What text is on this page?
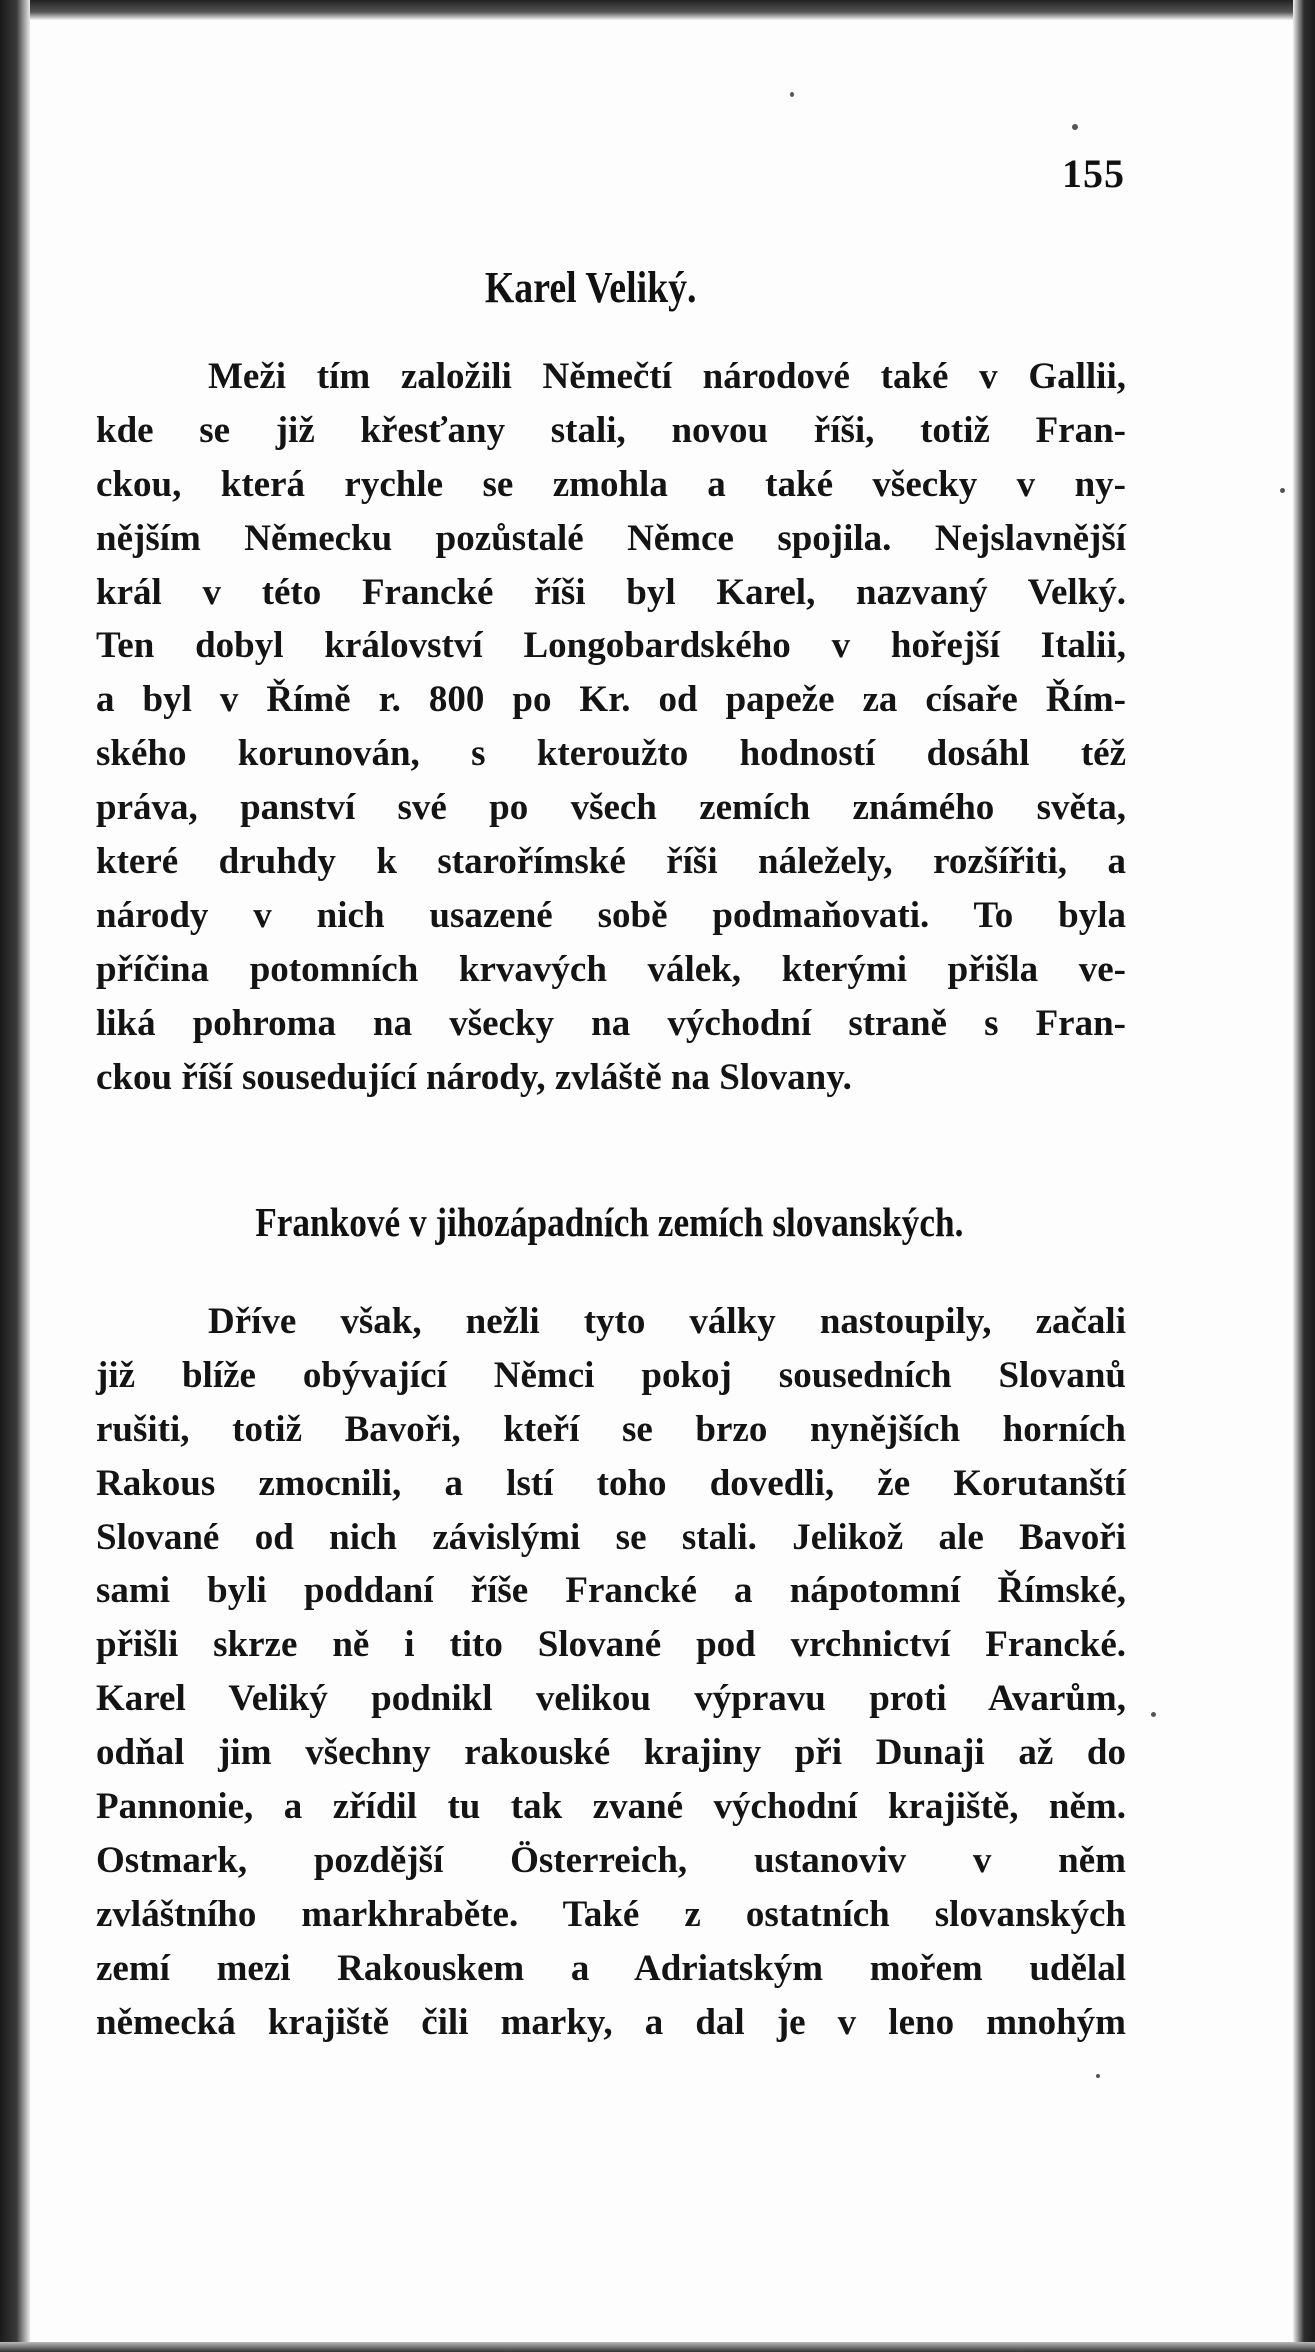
155
Karel Veliký.
Meži tím založili Němečtí národové také v Gallii,
kde se již křesťany stali, novou říši, totiž Fran-
ckou, která rychle se zmohla a také všecky v ny-
nějším Německu pozůstalé Němce spojila. Nejslavnější
král v této Francké říši byl Karel, nazvaný Velký.
Ten dobyl království Longobardského v hořejší Italii,
a byl v Římě r. 800 po Kr. od papeže za císaře Řím-
ského korunován, s kteroužto hodností dosáhl též
práva, panství své po všech zemích známého světa,
které druhdy k starořímské říši náležely, rozšířiti, a
národy v nich usazené sobě podmaňovati. To byla
příčina potomních krvavých válek, kterými přišla ve-
liká pohroma na všecky na východní straně s Fran-
ckou říší sousedující národy, zvláště na Slovany.
Frankové v jihozápadních zemích slovanských.
Dříve však, nežli tyto války nastoupily, začali
již blíže obývající Němci pokoj sousedních Slovanů
rušiti, totiž Bavoři, kteří se brzo nynějších horních
Rakous zmocnili, a lstí toho dovedli, že Korutanští
Slované od nich závislými se stali. Jelikož ale Bavoři
sami byli poddaní říše Francké a nápotomní Římské,
přišli skrze ně i tito Slované pod vrchnictví Francké.
Karel Veliký podnikl velikou výpravu proti Avarům,
odňal jim všechny rakouské krajiny při Dunaji až do
Pannonie, a zřídil tu tak zvané východní krajiště, něm.
Ostmark, pozdější Österreich, ustanoviv v něm
zvláštního markhraběte. Také z ostatních slovanských
zemí mezi Rakouskem a Adriatským mořem udělal
německá krajiště čili marky, a dal je v leno mnohým
